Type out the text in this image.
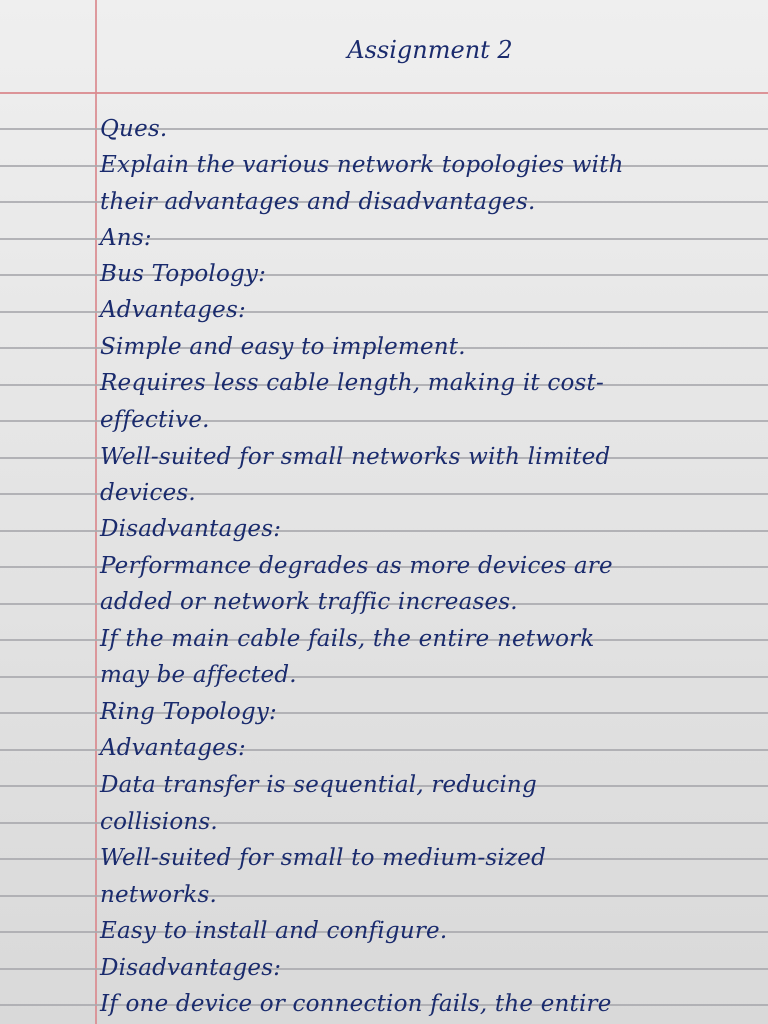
Assignment 2
Ques.
Explain the various network topologies with
their advantages and disadvantages.
Ans:
Bus Topology:
Advantages:
Simple and easy to implement.
Requires less cable length, making it cost-
effective.
Well-suited for small networks with limited
devices.
Disadvantages:
Performance degrades as more devices are
added or network traffic increases.
If the main cable fails, the entire network
may be affected.
Ring Topology:
Advantages:
Data transfer is sequential, reducing
collisions.
Well-suited for small to medium-sized
networks.
Easy to install and configure.
Disadvantages:
If one device or connection fails, the entire
